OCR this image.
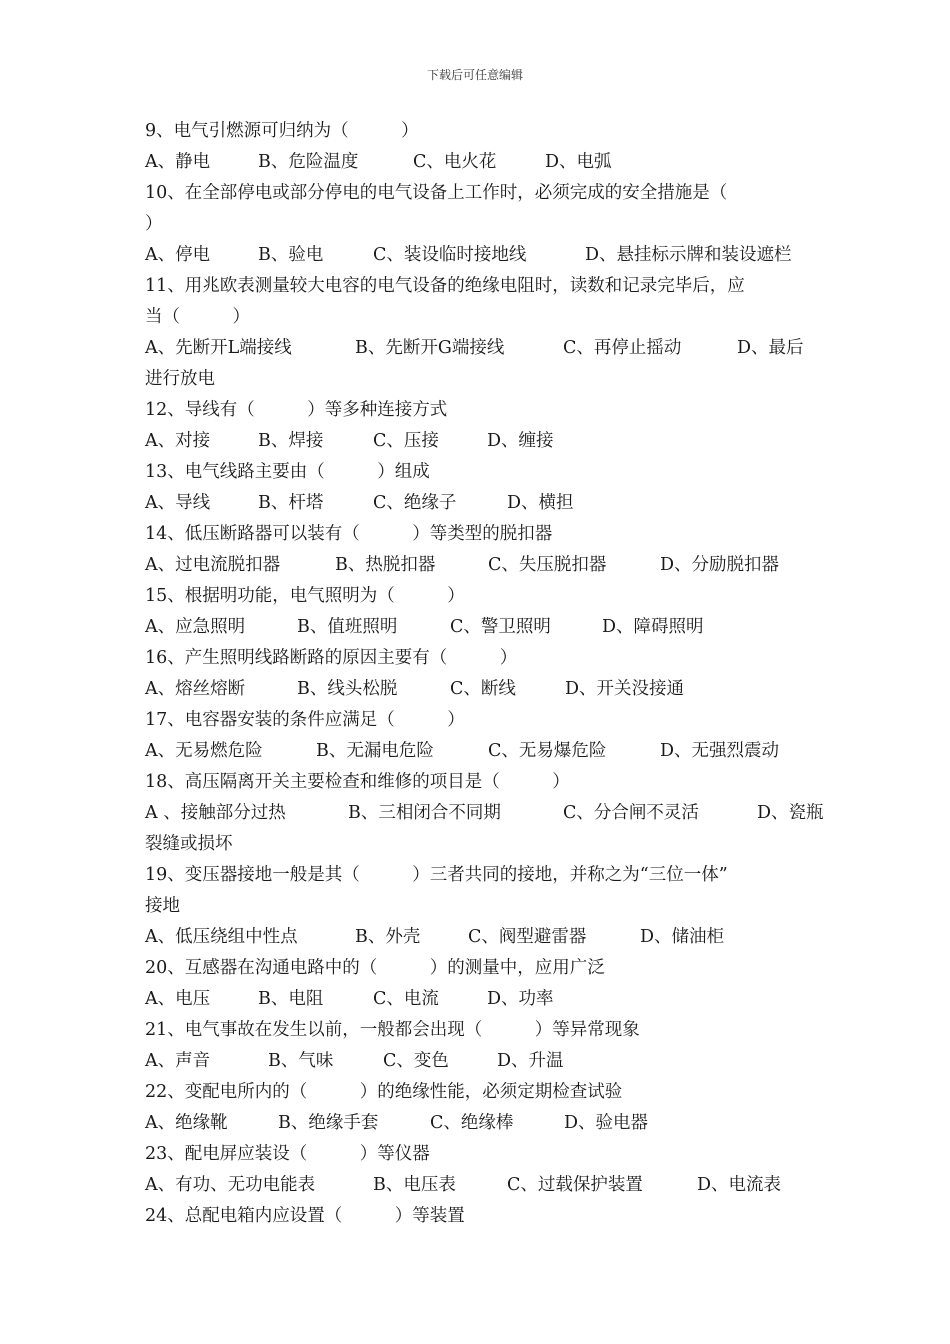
下载后可任意编辑
9、电气引燃源可归纳为（　　　）
A、静电	B、危险温度	C、电火花	D、电弧
10、在全部停电或部分停电的电气设备上工作时，必须完成的安全措施是（
）
A、停电	B、验电	C、装设临时接地线	D、悬挂标示牌和装设遮栏
11、用兆欧表测量较大电容的电气设备的绝缘电阻时，读数和记录完毕后，应
当（　　　）
A、先断开L端接线	B、先断开G端接线	C、再停止摇动	D、最后
进行放电
12、导线有（　　　）等多种连接方式
A、对接	B、焊接	C、压接	D、缠接
13、电气线路主要由（　　　）组成
A、导线	B、杆塔	C、绝缘子	D、横担
14、低压断路器可以装有（　　　）等类型的脱扣器
A、过电流脱扣器	B、热脱扣器	C、失压脱扣器	D、分励脱扣器
15、根据明功能，电气照明为（　　　）
A、应急照明	B、值班照明	C、警卫照明	D、障碍照明
16、产生照明线路断路的原因主要有（　　　）
A、熔丝熔断	B、线头松脱	C、断线	D、开关没接通
17、电容器安装的条件应满足（　　　）
A、无易燃危险	B、无漏电危险	C、无易爆危险	D、无强烈震动
18、高压隔离开关主要检查和维修的项目是（　　　）
A 、接触部分过热	B、三相闭合不同期	C、分合闸不灵活	D、瓷瓶
裂缝或损坏
19、变压器接地一般是其（　　　）三者共同的接地，并称之为“三位一体”
接地
A、低压绕组中性点	B、外壳	C、阀型避雷器	D、储油柜
20、互感器在沟通电路中的（　　　）的测量中，应用广泛
A、电压	B、电阻	C、电流	D、功率
21、电气事故在发生以前，一般都会出现（　　　）等异常现象
A、声音	B、气味	C、变色	D、升温
22、变配电所内的（　　　）的绝缘性能，必须定期检查试验
A、绝缘靴	B、绝缘手套	C、绝缘棒	D、验电器
23、配电屏应装设（　　　）等仪器
A、有功、无功电能表	B、电压表	C、过载保护装置	D、电流表
24、总配电箱内应设置（　　　）等装置
